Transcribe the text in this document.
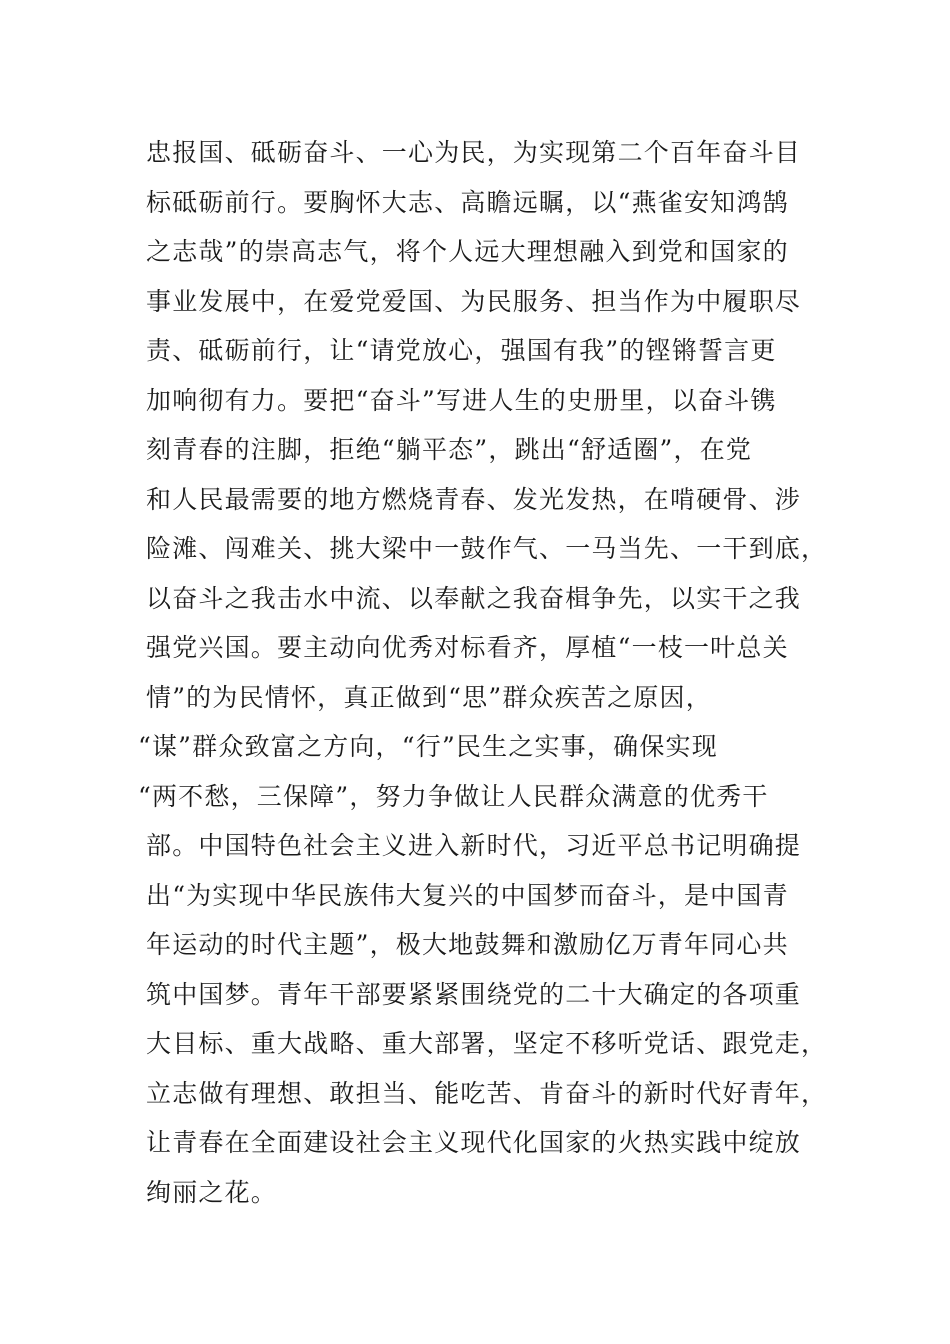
忠报国、砥砺奋斗、一心为民，为实现第二个百年奋斗目
标砥砺前行。要胸怀大志、高瞻远瞩，以“燕雀安知鸿鹄
之志哉”的崇高志气，将个人远大理想融入到党和国家的
事业发展中，在爱党爱国、为民服务、担当作为中履职尽
责、砥砺前行，让“请党放心，强国有我”的铿锵誓言更
加响彻有力。要把“奋斗”写进人生的史册里，以奋斗镌
刻青春的注脚，拒绝“躺平态”，跳出“舒适圈”，在党
和人民最需要的地方燃烧青春、发光发热，在啃硬骨、涉
险滩、闯难关、挑大梁中一鼓作气、一马当先、一干到底，
以奋斗之我击水中流、以奉献之我奋楫争先，以实干之我
强党兴国。要主动向优秀对标看齐，厚植“一枝一叶总关
情”的为民情怀，真正做到“思”群众疾苦之原因，
“谋”群众致富之方向，“行”民生之实事，确保实现
“两不愁，三保障”，努力争做让人民群众满意的优秀干
部。中国特色社会主义进入新时代，习近平总书记明确提
出“为实现中华民族伟大复兴的中国梦而奋斗，是中国青
年运动的时代主题”，极大地鼓舞和激励亿万青年同心共
筑中国梦。青年干部要紧紧围绕党的二十大确定的各项重
大目标、重大战略、重大部署，坚定不移听党话、跟党走，
立志做有理想、敢担当、能吃苦、肯奋斗的新时代好青年，
让青春在全面建设社会主义现代化国家的火热实践中绽放
绚丽之花。
